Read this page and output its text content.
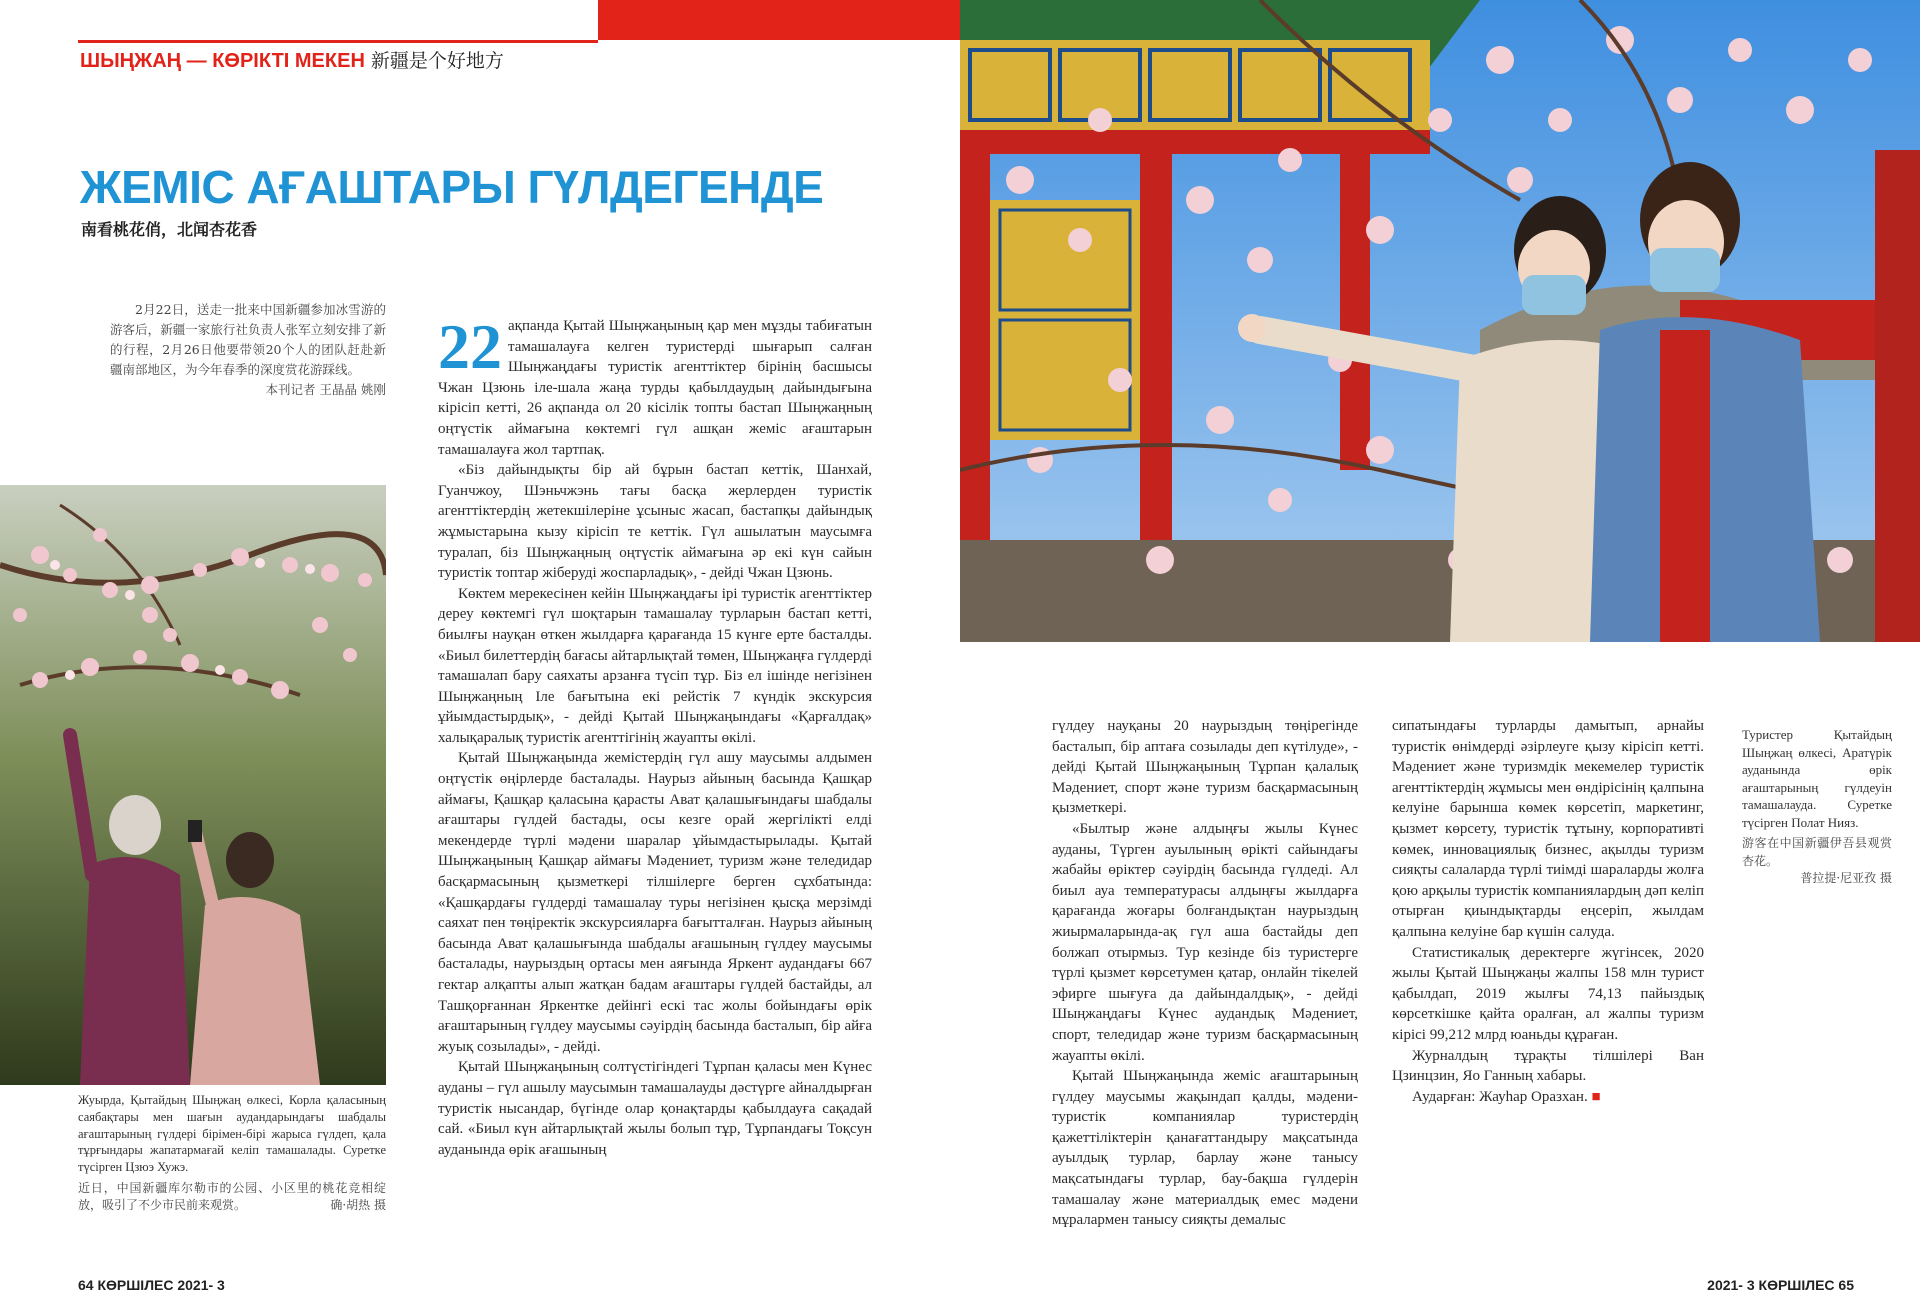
ШЫҢЖАҢ — КӨРІКТІ МЕКЕН 新疆是个好地方
ЖЕМІС АҒАШТАРЫ ГҮЛДЕГЕНДЕ
南看桃花俏，北闻杏花香
2月22日，送走一批来中国新疆参加冰雪游的游客后，新疆一家旅行社负责人张军立刻安排了新的行程，2月26日他要带领20个人的团队赶赴新疆南部地区，为今年春季的深度赏花游踩线。
本刊记者 王晶晶 姚刚

22 ақпанда Қытай Шыңжаңының қар мен мұзды табиғатын тамашалауға келген туристерді шығарып салған Шыңжаңдағы туристік агенттіктер бірінің басшысы Чжан Цзюнь іле-шала жаңа турды қабылдаудың дайындығына кірісіп кетті, 26 ақпанда ол 20 кісілік топты бастап Шыңжаңның оңтүстік аймағына көктемгі гүл ашқан жеміс ағаштарын тамашалауға жол тартпақ.

«Біз дайындықты бір ай бұрын бастап кеттік, Шанхай, Гуанчжоу, Шэньчжэнь тағы басқа жерлерден туристік агенттіктердің жетекшілеріне ұсыныс жасап, бастапқы дайындық жұмыстарына кызу кірісіп те кеттік. Гүл ашылатын маусымға туралап, біз Шыңжаңның оңтүстік аймағына әр екі күн сайын туристік топтар жіберуді жоспарладық», - дейді Чжан Цзюнь.

Көктем мерекесінен кейін Шыңжаңдағы ірі туристік агенттіктер дереу көктемгі гүл шоқтарын тамашалау турларын бастап кетті, биылғы науқан өткен жылдарға қарағанда 15 күнге ерте басталды. «Биыл билеттердің бағасы айтарлықтай төмен, Шыңжаңға гүлдерді тамашалап бару саяхаты арзанға түсіп тұр. Біз ел ішінде негізінен Шыңжаңның Іле бағытына екі рейстік 7 күндік экскурсия ұйымдастырдық», - дейді Қытай Шыңжаңындағы «Қарғалдақ» халықаралық туристік агенттігінің жауапты өкілі.

Қытай Шыңжаңында жемістердің гүл ашу маусымы алдымен оңтүстік өңірлерде басталады. Наурыз айының басында Қашқар аймағы, Қашқар қаласына қарасты Ават қалашығындағы шабдалы ағаштары гүлдей бастады, осы кезге орай жергілікті елді мекендерде түрлі мәдени шаралар ұйымдастырылады. Қытай Шыңжаңының Қашқар аймағы Мәдениет, туризм және теледидар басқармасының қызметкері тілшілерге берген сұхбатында: «Қашқардағы гүлдерді тамашалау туры негізінен қысқа мерзімді саяхат пен төңіректік экскурсияларға бағытталған. Наурыз айының басында Ават қалашығында шабдалы ағашының гүлдеу маусымы басталады, наурыздың ортасы мен аяғында Яркент аудандағы 667 гектар алқапты алып жатқан бадам ағаштары гүлдей бастайды, ал Ташқорғаннан Яркентке дейінгі ескі тас жолы бойындағы өрік ағаштарының гүлдеу маусымы сәуірдің басында басталып, бір айға жуық созылады», - дейді.

Қытай Шыңжаңының солтүстігіндегі Тұрпан қаласы мен Күнес ауданы – гүл ашылу маусымын тамашалауды дәстүрге айналдырған туристік нысандар, бүгінде олар қонақтарды қабылдауға сақадай сай. «Биыл күн айтарлықтай жылы болып тұр, Тұрпандағы Тоқсун ауданында өрік ағашының

гүлдеу науқаны 20 наурыздың төңірегінде басталып, бір аптаға созылады деп күтілуде», - дейді Қытай Шыңжаңының Тұрпан қалалық Мәдениет, спорт және туризм басқармасының қызметкері.

«Былтыр және алдыңғы жылы Күнес ауданы, Түрген ауылының өрікті сайындағы жабайы өріктер сәуірдің басында гүлдеді. Ал биыл ауа температурасы алдыңғы жылдарға қарағанда жоғары болғандықтан наурыздың жиырмаларында-ақ гүл аша бастайды деп болжап отырмыз. Тур кезінде біз туристерге түрлі қызмет көрсетумен қатар, онлайн тікелей эфирге шығуға да дайындалдық», - дейді Шыңжаңдағы Күнес аудандық Мәдениет, спорт, теледидар және туризм басқармасының жауапты өкілі.

Қытай Шыңжаңында жеміс ағаштарының гүлдеу маусымы жақындап қалды, мәдени-туристік компаниялар туристердің қажеттіліктерін қанағаттандыру мақсатында ауылдық турлар, барлау және танысу мақсатындағы турлар, бау-бақша гүлдерін тамашалау және материалдық емес мәдени мұралармен танысу сияқты демалыс

сипатындағы турларды дамытып, арнайы туристік өнімдерді әзірлеуге қызу кірісіп кетті. Мәдениет және туризмдік мекемелер туристік агенттіктердің жұмысы мен өндірісінің қалпына келуіне барынша көмек көрсетіп, маркетинг, қызмет көрсету, туристік тұтыну, корпоративті көмек, инновациялық бизнес, ақылды туризм сияқты салаларда түрлі тиімді шараларды жолға қою арқылы туристік компаниялардың дәп келіп отырған қиындықтарды еңсеріп, жылдам қалпына келуіне бар күшін салуда.

Статистикалық деректерге жүгінсек, 2020 жылы Қытай Шыңжаңы жалпы 158 млн турист қабылдап, 2019 жылғы 74,13 пайыздық көрсеткішке қайта оралған, ал жалпы туризм кірісі 99,212 млрд юаньды құраған.

Журналдың тұрақты тілшілері Ван Цзинцзин, Яо Ганның хабары.

Аударған: Жауһар Оразхан. ■

Туристер Қытайдың Шыңжаң өлкесі, Аратүрік ауданында өрік ағаштарының гүлдеуін тамашалауда. Суретке түсірген Полат Нияз.
游客在中国新疆伊吾县观赏杏花。
普拉提·尼亚孜 摄
Жуырда, Қытайдың Шыңжаң өлкесі, Корла қаласының саябақтары мен шағын аудандарындағы шабдалы ағаштарының гүлдері бірімен-бірі жарыса гүлдеп, қала тұрғындары жапатармағай келіп тамашалады. Суретке түсірген Цзюэ Хужэ.
近日，中国新疆库尔勒市的公园、小区里的桃花竞相绽放，吸引了不少市民前来观赏。	确·胡热 摄
64 КӨРШІЛЕС 2021- 3	2021- 3 КӨРШІЛЕС 65
